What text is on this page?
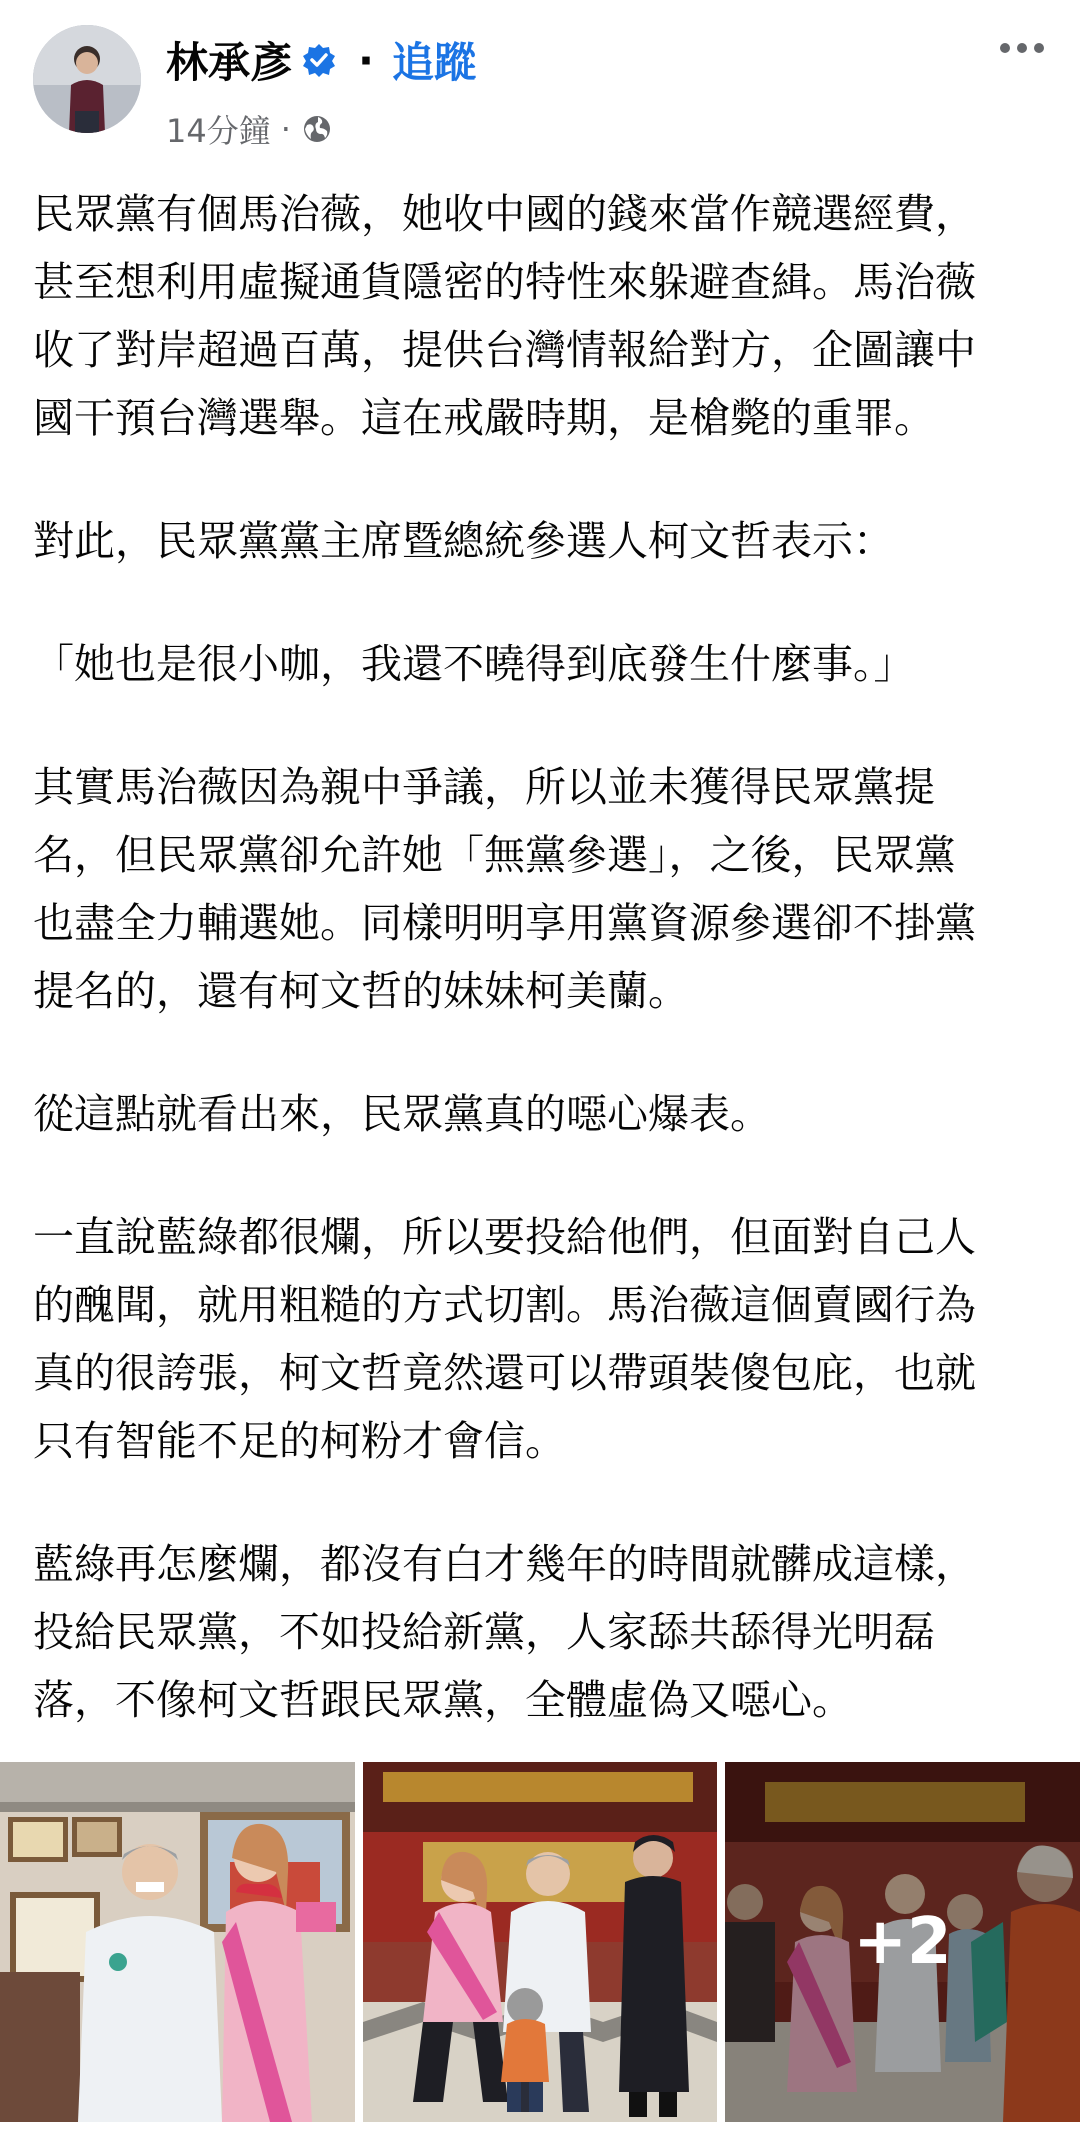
林承彥 · 追蹤
14分鐘 ·
民眾黨有個馬治薇，她收中國的錢來當作競選經費，
甚至想利用虛擬通貨隱密的特性來躲避查緝。馬治薇
收了對岸超過百萬，提供台灣情報給對方，企圖讓中
國干預台灣選舉。這在戒嚴時期，是槍斃的重罪。
對此，民眾黨黨主席暨總統參選人柯文哲表示：
「她也是很小咖，我還不曉得到底發生什麼事。」
其實馬治薇因為親中爭議，所以並未獲得民眾黨提
名，但民眾黨卻允許她「無黨參選」，之後，民眾黨
也盡全力輔選她。同樣明明享用黨資源參選卻不掛黨
提名的，還有柯文哲的妹妹柯美蘭。
從這點就看出來，民眾黨真的噁心爆表。
一直說藍綠都很爛，所以要投給他們，但面對自己人
的醜聞，就用粗糙的方式切割。馬治薇這個賣國行為
真的很誇張，柯文哲竟然還可以帶頭裝傻包庇，也就
只有智能不足的柯粉才會信。
藍綠再怎麼爛，都沒有白才幾年的時間就髒成這樣，
投給民眾黨，不如投給新黨，人家舔共舔得光明磊
落，不像柯文哲跟民眾黨，全體虛偽又噁心。
+2
